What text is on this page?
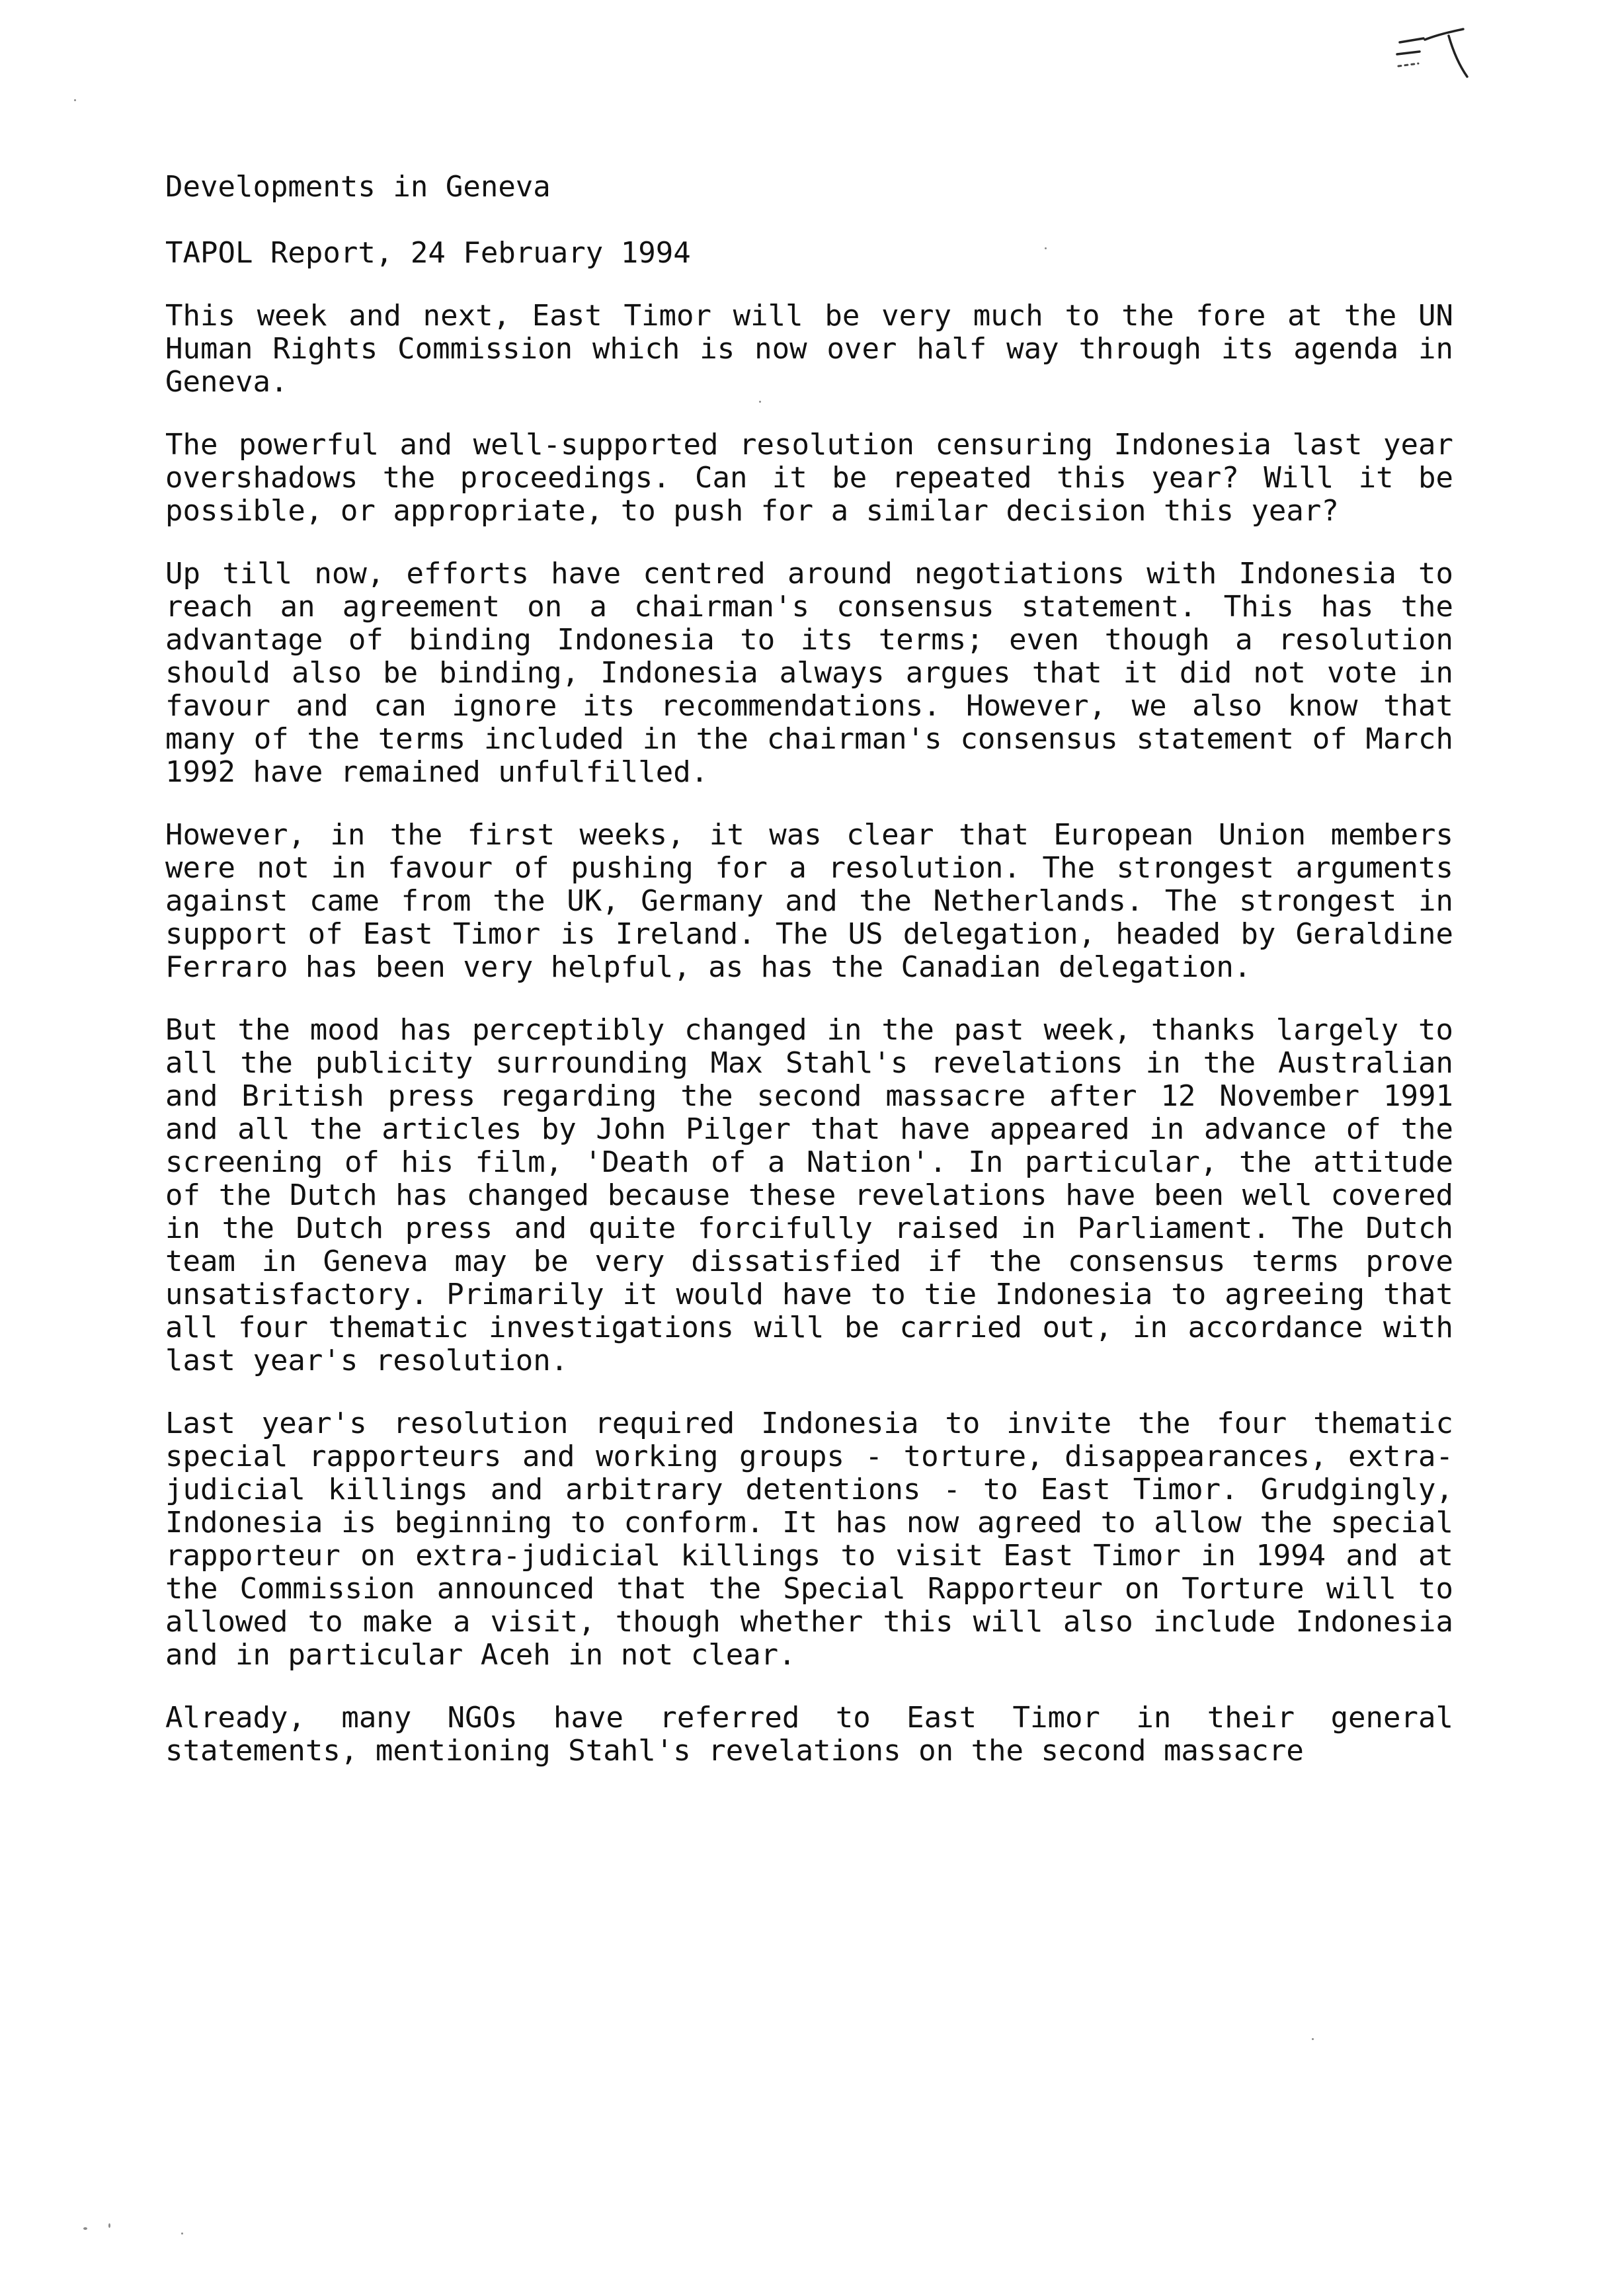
Developments in Geneva

TAPOL Report, 24 February 1994

This week and next, East Timor will be very much to the fore at the UN Human Rights Commission which is now over half way through its agenda in Geneva.

The powerful and well-supported resolution censuring Indonesia last year overshadows the proceedings. Can it be repeated this year? Will it be possible, or appropriate, to push for a similar decision this year?

Up till now, efforts have centred around negotiations with Indonesia to reach an agreement on a chairman's consensus statement. This has the advantage of binding Indonesia to its terms; even though a resolution should also be binding, Indonesia always argues that it did not vote in favour and can ignore its recommendations. However, we also know that many of the terms included in the chairman's consensus statement of March 1992 have remained unfulfilled.

However, in the first weeks, it was clear that European Union members were not in favour of pushing for a resolution. The strongest arguments against came from the UK, Germany and the Netherlands. The strongest in support of East Timor is Ireland. The US delegation, headed by Geraldine Ferraro has been very helpful, as has the Canadian delegation.

But the mood has perceptibly changed in the past week, thanks largely to all the publicity surrounding Max Stahl's revelations in the Australian and British press regarding the second massacre after 12 November 1991 and all the articles by John Pilger that have appeared in advance of the screening of his film, 'Death of a Nation'. In particular, the attitude of the Dutch has changed because these revelations have been well covered in the Dutch press and quite forcifully raised in Parliament. The Dutch team in Geneva may be very dissatisfied if the consensus terms prove unsatisfactory. Primarily it would have to tie Indonesia to agreeing that all four thematic investigations will be carried out, in accordance with last year's resolution.

Last year's resolution required Indonesia to invite the four thematic special rapporteurs and working groups - torture, disappearances, extra-judicial killings and arbitrary detentions - to East Timor. Grudgingly, Indonesia is beginning to conform. It has now agreed to allow the special rapporteur on extra-judicial killings to visit East Timor in 1994 and at the Commission announced that the Special Rapporteur on Torture will to allowed to make a visit, though whether this will also include Indonesia and in particular Aceh in not clear.

Already, many NGOs have referred to East Timor in their general statements, mentioning Stahl's revelations on the second massacre
